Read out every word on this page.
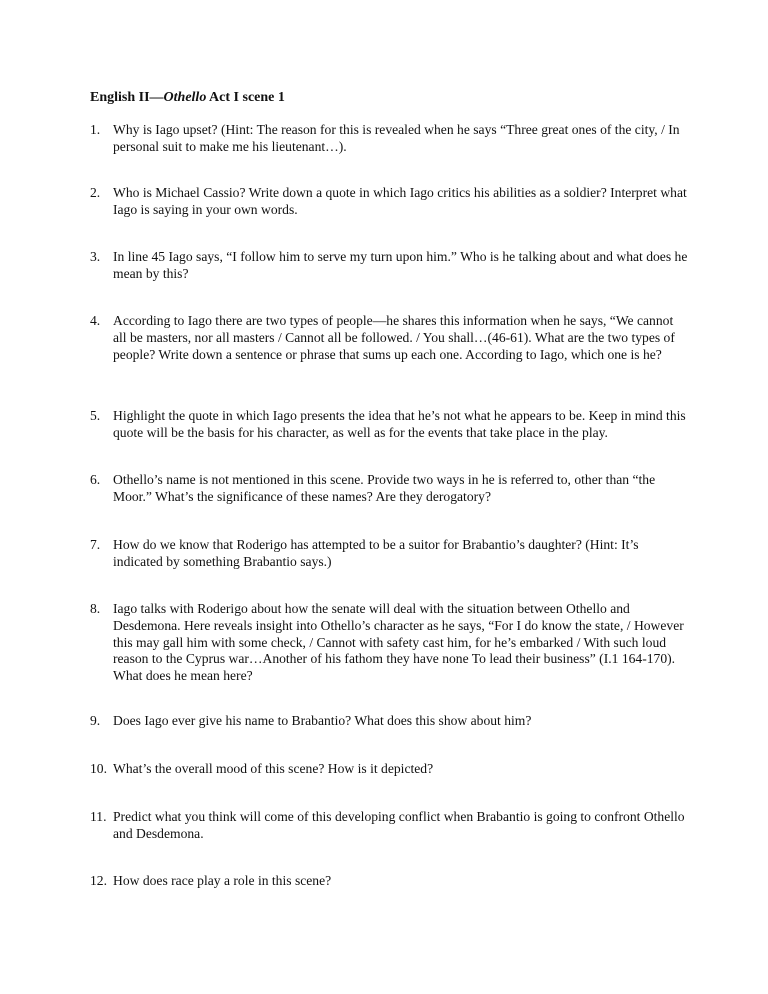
English II—Othello Act I scene 1
1. Why is Iago upset? (Hint: The reason for this is revealed when he says “Three great ones of the city, / In personal suit to make me his lieutenant…).
2. Who is Michael Cassio? Write down a quote in which Iago critics his abilities as a soldier? Interpret what Iago is saying in your own words.
3. In line 45 Iago says, “I follow him to serve my turn upon him.” Who is he talking about and what does he mean by this?
4. According to Iago there are two types of people—he shares this information when he says, “We cannot all be masters, nor all masters / Cannot all be followed. / You shall…(46-61). What are the two types of people? Write down a sentence or phrase that sums up each one. According to Iago, which one is he?
5. Highlight the quote in which Iago presents the idea that he’s not what he appears to be. Keep in mind this quote will be the basis for his character, as well as for the events that take place in the play.
6. Othello’s name is not mentioned in this scene. Provide two ways in he is referred to, other than “the Moor.” What’s the significance of these names? Are they derogatory?
7. How do we know that Roderigo has attempted to be a suitor for Brabantio’s daughter? (Hint: It’s indicated by something Brabantio says.)
8. Iago talks with Roderigo about how the senate will deal with the situation between Othello and Desdemona. Here reveals insight into Othello’s character as he says, “For I do know the state, / However this may gall him with some check, / Cannot with safety cast him, for he’s embarked / With such loud reason to the Cyprus war…Another of his fathom they have none To lead their business” (I.1 164-170). What does he mean here?
9. Does Iago ever give his name to Brabantio? What does this show about him?
10. What’s the overall mood of this scene? How is it depicted?
11. Predict what you think will come of this developing conflict when Brabantio is going to confront Othello and Desdemona.
12. How does race play a role in this scene?
